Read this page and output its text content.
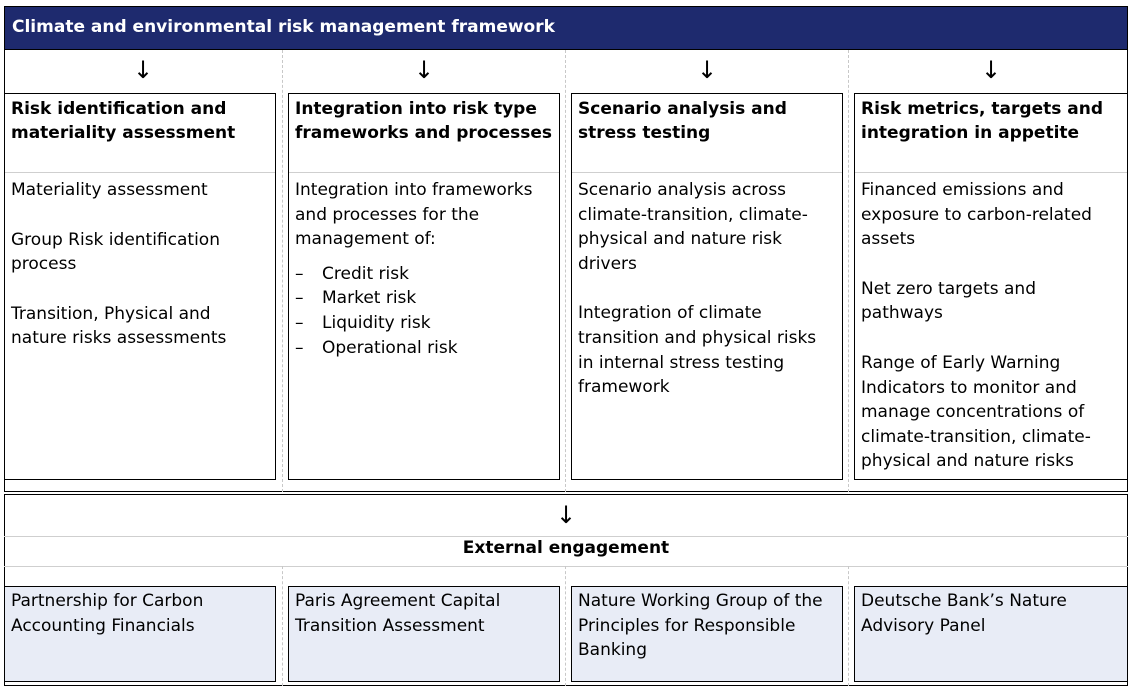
Climate and environmental risk management framework
↓	↓	↓	↓
Risk identification and materiality assessment

Materiality assessment

Group Risk identification process

Transition, Physical and nature risks assessments

Integration into risk type frameworks and processes

Integration into frameworks and processes for the management of:

–	Credit risk
–	Market risk
–	Liquidity risk
–	Operational risk
Scenario analysis and stress testing

Scenario analysis across climate-transition, climate-physical and nature risk drivers

Integration of climate transition and physical risks in internal stress testing framework

Risk metrics, targets and integration in appetite

Financed emissions and exposure to carbon-related assets

Net zero targets and pathways

Range of Early Warning Indicators to monitor and manage concentrations of climate-transition, climate-physical and nature risks

↓
External engagement
Partnership for Carbon Accounting Financials
Paris Agreement Capital Transition Assessment
Nature Working Group of the Principles for Responsible Banking
Deutsche Bank’s Nature Advisory Panel
